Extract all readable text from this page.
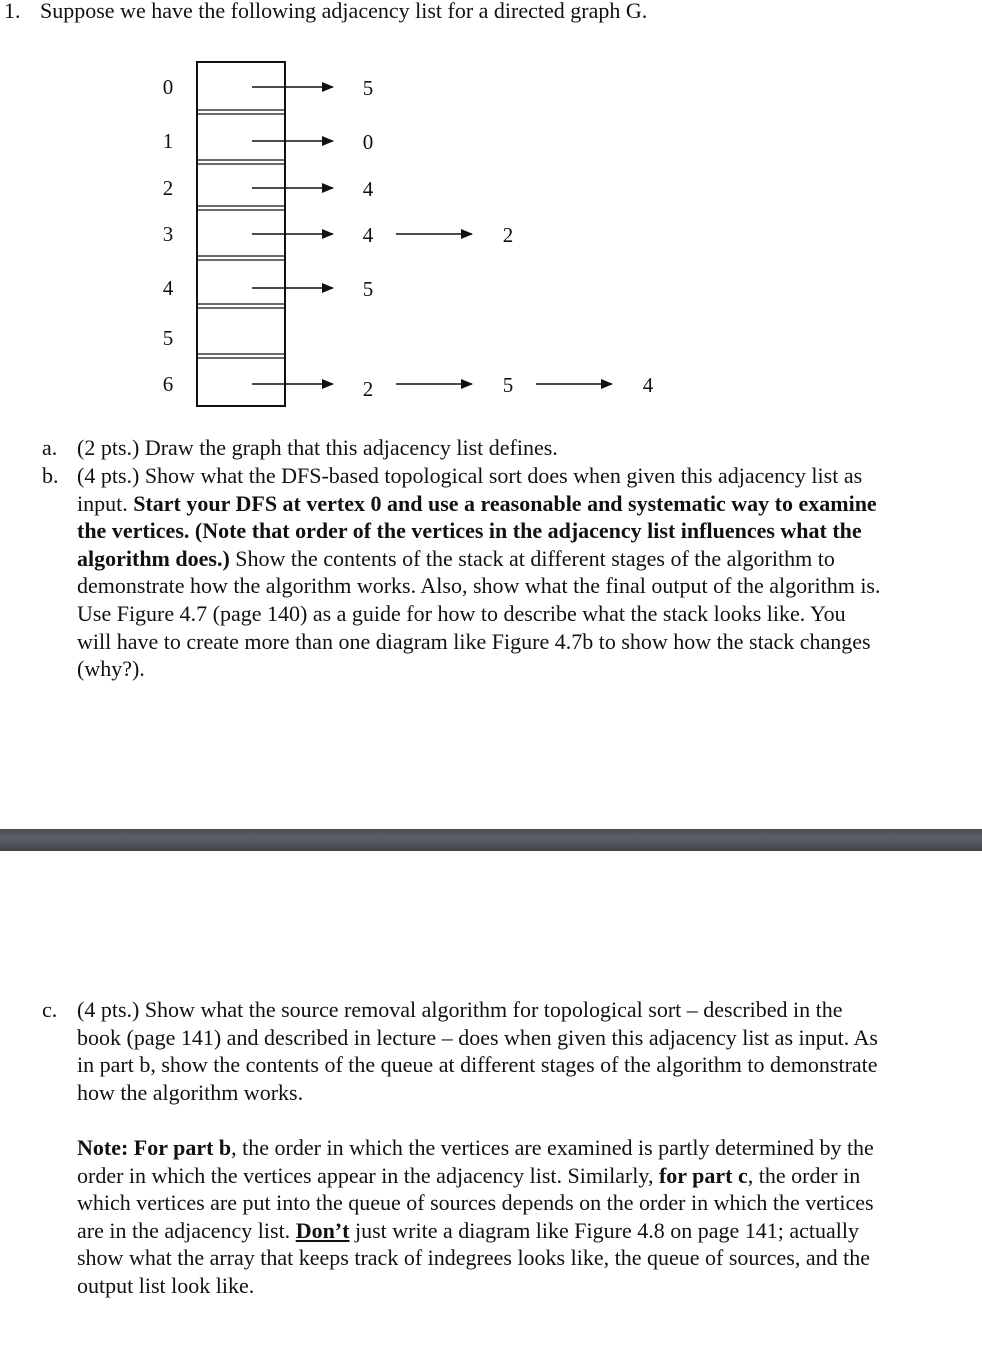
1. Suppose we have the following adjacency list for a directed graph G.
0	5
1	0
2	4
3	4	2
4	5
5
6	2	5	4
a. (2 pts.) Draw the graph that this adjacency list defines.
b. (4 pts.) Show what the DFS-based topological sort does when given this adjacency list as input. Start your DFS at vertex 0 and use a reasonable and systematic way to examine the vertices. (Note that order of the vertices in the adjacency list influences what the algorithm does.) Show the contents of the stack at different stages of the algorithm to demonstrate how the algorithm works. Also, show what the final output of the algorithm is. Use Figure 4.7 (page 140) as a guide for how to describe what the stack looks like. You will have to create more than one diagram like Figure 4.7b to show how the stack changes (why?).
c. (4 pts.) Show what the source removal algorithm for topological sort – described in the book (page 141) and described in lecture – does when given this adjacency list as input. As in part b, show the contents of the queue at different stages of the algorithm to demonstrate how the algorithm works.
Note: For part b, the order in which the vertices are examined is partly determined by the order in which the vertices appear in the adjacency list. Similarly, for part c, the order in which vertices are put into the queue of sources depends on the order in which the vertices are in the adjacency list. Don’t just write a diagram like Figure 4.8 on page 141; actually show what the array that keeps track of indegrees looks like, the queue of sources, and the output list look like.
